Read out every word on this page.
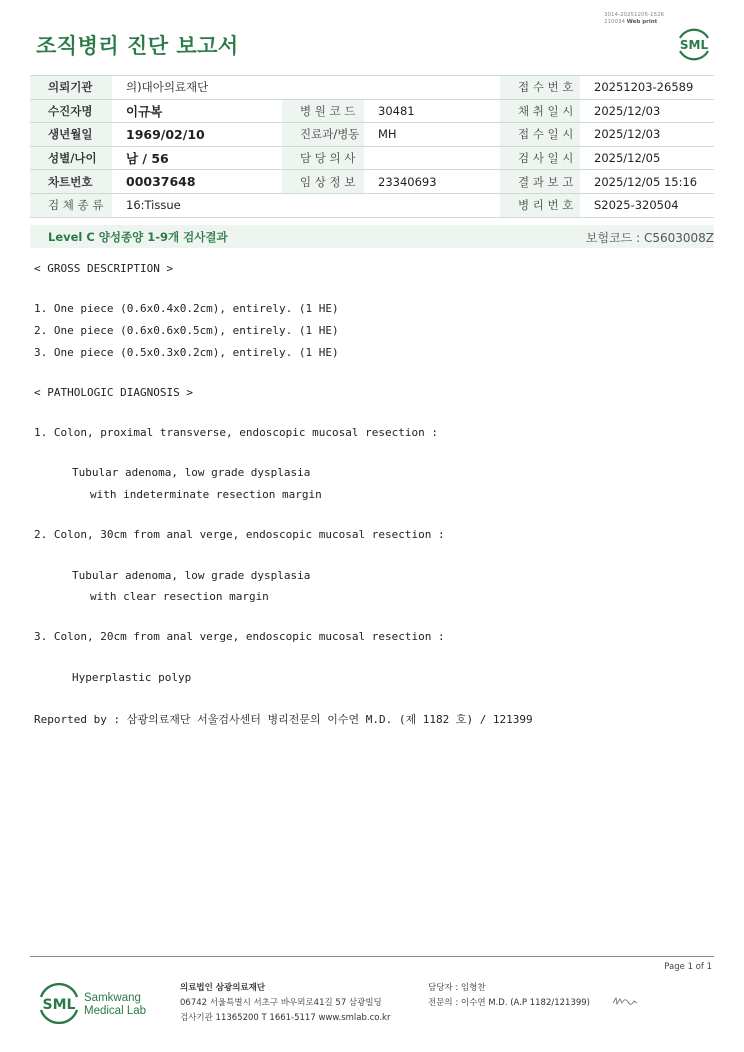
조직병리 진단 보고서
3014-20251205-1526
210034 Web print
SML
의뢰기관	의)대아의료재단			접 수 번 호	20251203-26589
수진자명	이규복	병 원 코 드	30481	채 취 일 시	2025/12/03
생년월일	1969/02/10	진료과/병동	MH	접 수 일 시	2025/12/03
성별/나이	남 / 56	담 당 의 사		검 사 일 시	2025/12/05
차트번호	00037648	임 상 정 보	23340693	결 과 보 고	2025/12/05 15:16
검 체 종 류	16:Tissue			병 리 번 호	S2025-320504
Level C 양성종양 1-9개 검사결과	보험코드 : C5603008Z
< GROSS DESCRIPTION >
1. One piece (0.6x0.4x0.2cm), entirely. (1 HE)
2. One piece (0.6x0.6x0.5cm), entirely. (1 HE)
3. One piece (0.5x0.3x0.2cm), entirely. (1 HE)
< PATHOLOGIC DIAGNOSIS >
1. Colon, proximal transverse, endoscopic mucosal resection :
Tubular adenoma, low grade dysplasia
with indeterminate resection margin
2. Colon, 30cm from anal verge, endoscopic mucosal resection :
Tubular adenoma, low grade dysplasia
with clear resection margin
3. Colon, 20cm from anal verge, endoscopic mucosal resection :
Hyperplastic polyp
Reported by : 삼광의료재단 서울검사센터 병리전문의 이수연 M.D. (제 1182 호) / 121399
Page 1 of 1
SML Samkwang
Medical Lab
의료법인 삼광의료재단
06742 서울특별시 서초구 바우뫼로41길 57 삼광빌딩
검사기관 11365200 T 1661-5117 www.smlab.co.kr
담당자 : 임형찬
전문의 : 이수연 M.D. (A.P 1182/121399)
